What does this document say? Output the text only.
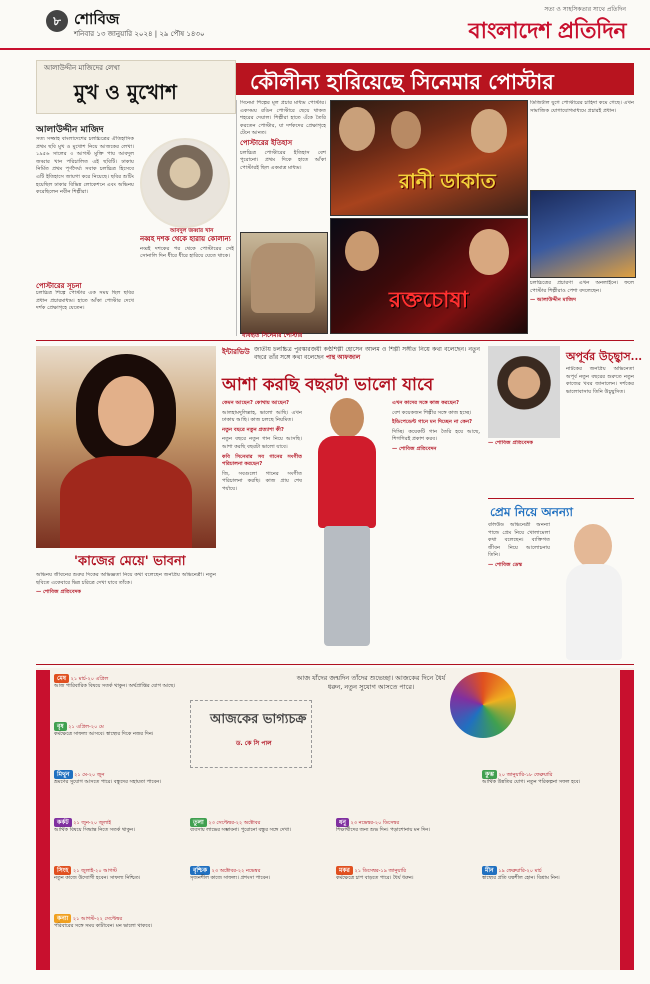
৮ শোবিজ
শনিবার ১৩ জানুয়ারি ২০২৪ | ২৯ পৌষ ১৪৩০
সত্য ও সাহসিকতার সাথে প্রতিদিন
বাংলাদেশ প্রতিদিন
আলাউদ্দীন মাজিদের লেখা
মুখ ও মুখোশ
আলাউদ্দীন মাজিদ

সত্য সজ্জাহ বাংলাদেশের চলচ্চিত্রের ঐতিহাসিক প্রথম ছবি মুখ ও মুখোশ নিয়ে আজকের লেখা। ১৯৫৬ সালের ৩ আগস্ট মুক্তি পায় আবদুল জব্বার খান পরিচালিত এই ছবিটি। ঢাকায় নির্মিত প্রথম পূর্ণদৈর্ঘ্য সবাক চলচ্চিত্র হিসেবে এটি ইতিহাসে জায়গা করে নিয়েছে। ছবির শুটিং হয়েছিল ঢাকার বিভিন্ন লোকেশনে এবং অভিনয় করেছিলেন নবীন শিল্পীরা।

আবদুল জব্বার খান
পোস্টারের সূচনা

চলচ্চিত্র শিল্পে পোস্টার এক সময় ছিল ছবির প্রধান প্রচারমাধ্যম। হাতে আঁকা পোস্টার দেখে দর্শক প্রেক্ষাগৃহে যেতেন।

নব্বই দশক থেকে হারায় কৌলীন্য

নব্বই দশকের পর থেকে পোস্টারের সেই সোনালি দিন ধীরে ধীরে হারিয়ে যেতে থাকে।

কৌলীন্য হারিয়েছে সিনেমার পোস্টার

সিনেমা শিল্পের মূল প্রচার মাধ্যম পোস্টার। একসময় রঙিন পোস্টারে ছেয়ে থাকত শহরের দেয়াল। শিল্পীরা হাতে এঁকে তৈরি করতেন পোস্টার, যা দর্শকদের প্রেক্ষাগৃহে টেনে আনত।

পোস্টারের ইতিহাস

চলচ্চিত্র পোস্টারের ইতিহাস বেশ পুরোনো। প্রথম দিকে হাতে আঁকা পোস্টারই ছিল একমাত্র মাধ্যম।

রানী ডাকাত
ব্যবহৃত সিনেমার পোস্টার
রক্তচোষা

ডিজিটাল যুগে পোস্টারের চাহিদা কমে গেছে। এখন সামাজিক যোগাযোগমাধ্যমে প্রচারই প্রধান।

চলচ্চিত্রের প্রচারণা এখন অনলাইনে। ফলে পোস্টার শিল্পীরাও পেশা বদলেছেন।

— আলাউদ্দীন মাজিদ

ইন্টারভিউ জাতীয় চলচ্চিত্র পুরস্কারজয়ী কণ্ঠশিল্পী হোসেন আলম ও শিল্পী সঙ্গীত নিয়ে কথা বলেছেন। নতুন বছরে তাঁর সঙ্গে কথা বলেছেন পান্থ আফজাল
আশা করছি বছরটা ভালো যাবে

কেমন আছেন? কোথায় আছেন?

আলহামদুলিল্লাহ, ভালো আছি। এখন ঢাকায় আছি। কাজ চলছে নিয়মিত।

নতুন বছরে নতুন প্রত্যাশা কী?

নতুন বছরে নতুন গান নিয়ে আসছি। আশা করছি বছরটা ভালো যাবে।

কবি সিনেমার সব গানের সংগীত পরিচালনা করছেন?

জি, সবগুলো গানের সংগীত পরিচালনা করছি। কাজ প্রায় শেষ পর্যায়ে।

এখন কাদের সঙ্গে কাজ করছেন?

বেশ কয়েকজন শিল্পীর সঙ্গে কাজ হচ্ছে।

ইন্ডিপেন্ডেন্ট গানে মন দিচ্ছেন না কেন?

দিচ্ছি। কয়েকটি গান তৈরি হয়ে আছে, শিগগিরই প্রকাশ করব।

— শোবিজ প্রতিবেদন

'কাজের মেয়ে' ভাবনা

অভিনয় জীবনের শুরুর দিকের অভিজ্ঞতা নিয়ে কথা বলেছেন জনপ্রিয় অভিনেত্রী। নতুন ছবিতে একেবারে ভিন্ন চরিত্রে দেখা যাবে তাঁকে।

— শোবিজ প্রতিবেদক

অপূর্বর উচ্ছ্বাস...

নাটকের জনপ্রিয় অভিনেতা অপূর্ব নতুন বছরের শুরুতে নতুন কাজের খবর জানালেন। দর্শকের ভালোবাসায় তিনি উচ্ছ্বসিত।

— শোবিজ প্রতিবেদক

প্রেম নিয়ে অনন্যা

বলিউড অভিনেত্রী অনন্যা পান্ডে প্রেম নিয়ে খোলামেলা কথা বলেছেন। ব্যক্তিগত জীবন নিয়ে আলোচনায় তিনি।

— শোবিজ ডেস্ক

আজকের ভাগ্যচক্র
ড. কে সি পাল
আজ যাঁদের জন্মদিন তাঁদের শুভেচ্ছা। আজকের দিনে ধৈর্য ধরুন, নতুন সুযোগ আসতে পারে।
মেষ ২১ মার্চ-২০ এপ্রিল
আজ পারিবারিক বিষয়ে সতর্ক থাকুন। অর্থপ্রাপ্তির যোগ আছে।
বৃষ ২১ এপ্রিল-২০ মে
কর্মক্ষেত্রে সাফল্য আসবে। স্বাস্থ্যের দিকে নজর দিন।
মিথুন ২১ মে-২০ জুন
ভ্রমণের সুযোগ আসতে পারে। বন্ধুদের সহায়তা পাবেন।
কর্কট ২১ জুন-২০ জুলাই
আর্থিক বিষয়ে সিদ্ধান্ত নিতে সতর্ক থাকুন।
সিংহ ২১ জুলাই-২০ আগস্ট
নতুন কাজে উদ্যোগী হবেন। সাফল্য নিশ্চিত।
কন্যা ২১ আগস্ট-২২ সেপ্টেম্বর
পরিবারের সঙ্গে সময় কাটাবেন। মন ভালো থাকবে।
তুলা ২৩ সেপ্টেম্বর-২২ অক্টোবর
ব্যবসায় লাভের সম্ভাবনা। পুরোনো বন্ধুর সঙ্গে দেখা।
বৃশ্চিক ২৩ অক্টোবর-২২ নভেম্বর
সৃজনশীল কাজে সাফল্য। প্রশংসা পাবেন।
ধনু ২৩ নভেম্বর-২০ ডিসেম্বর
শিক্ষার্থীদের জন্য শুভ দিন। পড়াশোনায় মন দিন।
মকর ২১ ডিসেম্বর-১৯ জানুয়ারি
কর্মক্ষেত্রে চাপ বাড়তে পারে। ধৈর্য ধরুন।
কুম্ভ ২০ জানুয়ারি-১৮ ফেব্রুয়ারি
আর্থিক উন্নতির যোগ। নতুন পরিকল্পনা সফল হবে।
মীন ১৯ ফেব্রুয়ারি-২০ মার্চ
স্বাস্থ্যের প্রতি যত্নশীল হোন। বিশ্রাম নিন।
